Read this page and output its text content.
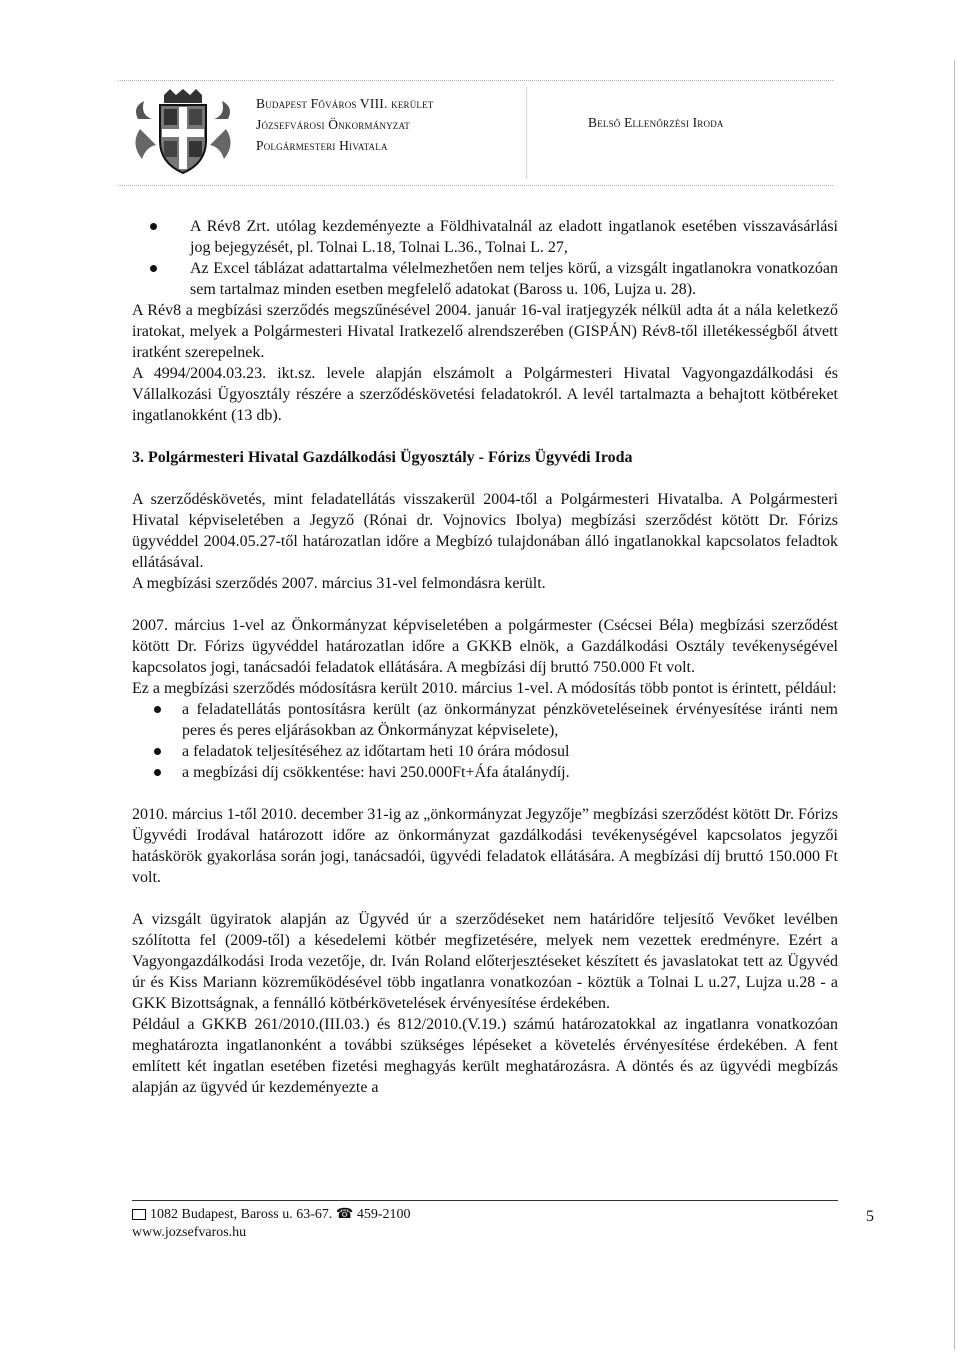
Budapest Főváros VIII. kerület
Józsefvárosi Önkormányzat
Polgármesteri Hivatala
Belső Ellenőrzési Iroda
A Rév8 Zrt. utólag kezdeményezte a Földhivatalnál az eladott ingatlanok esetében visszavásárlási jog bejegyzését, pl. Tolnai L.18, Tolnai L.36., Tolnai L. 27,
Az Excel táblázat adattartalma vélelmezhetően nem teljes körű, a vizsgált ingatlanokra vonatkozóan sem tartalmaz minden esetben megfelelő adatokat (Baross u. 106, Lujza u. 28).

A Rév8 a megbízási szerződés megszűnésével 2004. január 16-val iratjegyzék nélkül adta át a nála keletkező iratokat, melyek a Polgármesteri Hivatal Iratkezelő alrendszerében (GISPÁN) Rév8-től illetékességből átvett iratként szerepelnek.

A 4994/2004.03.23. ikt.sz. levele alapján elszámolt a Polgármesteri Hivatal Vagyongazdálkodási és Vállalkozási Ügyosztály részére a szerződéskövetési feladatokról. A levél tartalmazta a behajtott kötbéreket ingatlanokként (13 db).

3. Polgármesteri Hivatal Gazdálkodási Ügyosztály - Fórizs Ügyvédi Iroda

A szerződéskövetés, mint feladatellátás visszakerül 2004-től a Polgármesteri Hivatalba. A Polgármesteri Hivatal képviseletében a Jegyző (Rónai dr. Vojnovics Ibolya) megbízási szerződést kötött Dr. Fórizs ügyvéddel 2004.05.27-től határozatlan időre a Megbízó tulajdonában álló ingatlanokkal kapcsolatos feladtok ellátásával.

A megbízási szerződés 2007. március 31-vel felmondásra került.

2007. március 1-vel az Önkormányzat képviseletében a polgármester (Csécsei Béla) megbízási szerződést kötött Dr. Fórizs ügyvéddel határozatlan időre a GKKB elnök, a Gazdálkodási Osztály tevékenységével kapcsolatos jogi, tanácsadói feladatok ellátására. A megbízási díj bruttó 750.000 Ft volt.

Ez a megbízási szerződés módosításra került 2010. március 1-vel. A módosítás több pontot is érintett, például:

a feladatellátás pontosításra került (az önkormányzat pénzköveteléseinek érvényesítése iránti nem peres és peres eljárásokban az Önkormányzat képviselete),
a feladatok teljesítéséhez az időtartam heti 10 órára módosul
a megbízási díj csökkentése: havi 250.000Ft+Áfa átalánydíj.

2010. március 1-től 2010. december 31-ig az „önkormányzat Jegyzője” megbízási szerződést kötött Dr. Fórizs Ügyvédi Irodával határozott időre az önkormányzat gazdálkodási tevékenységével kapcsolatos jegyzői hatáskörök gyakorlása során jogi, tanácsadói, ügyvédi feladatok ellátására. A megbízási díj bruttó 150.000 Ft volt.

A vizsgált ügyiratok alapján az Ügyvéd úr a szerződéseket nem határidőre teljesítő Vevőket levélben szólította fel (2009-től) a késedelemi kötbér megfizetésére, melyek nem vezettek eredményre. Ezért a Vagyongazdálkodási Iroda vezetője, dr. Iván Roland előterjesztéseket készített és javaslatokat tett az Ügyvéd úr és Kiss Mariann közreműködésével több ingatlanra vonatkozóan - köztük a Tolnai L u.27, Lujza u.28 - a GKK Bizottságnak, a fennálló kötbérkövetelések érvényesítése érdekében.

Például a GKKB 261/2010.(III.03.) és 812/2010.(V.19.) számú határozatokkal az ingatlanra vonatkozóan meghatározta ingatlanonként a további szükséges lépéseket a követelés érvényesítése érdekében. A fent említett két ingatlan esetében fizetési meghagyás került meghatározásra. A döntés és az ügyvédi megbízás alapján az ügyvéd úr kezdeményezte a

1082 Budapest, Baross u. 63-67. ☎ 459-2100
www.jozsefvaros.hu
5
